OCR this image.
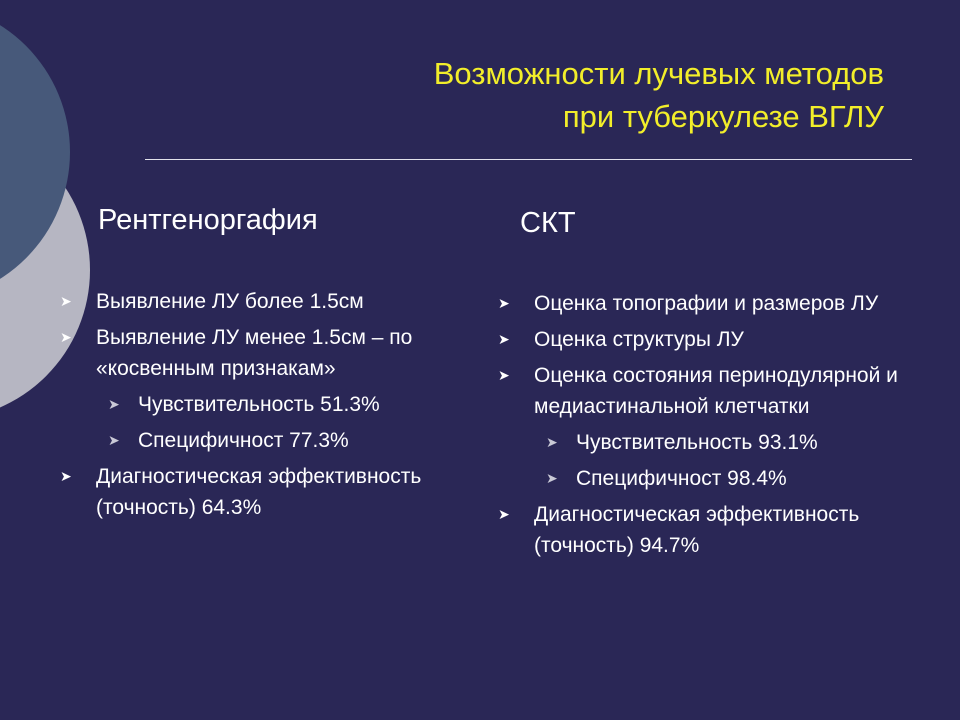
Возможности лучевых методов
при туберкулезе ВГЛУ
Рентгеноргафия	СКТ
➤ Выявление ЛУ более 1.5см
➤ Выявление ЛУ менее 1.5см – по «косвенным признакам»
➤ Чувствительность 51.3%
➤ Специфичност 77.3%
➤ Диагностическая эффективность (точность) 64.3%
➤ Оценка топографии и размеров ЛУ
➤ Оценка структуры ЛУ
➤ Оценка состояния перинодулярной и медиастинальной клетчатки
➤ Чувствительность 93.1%
➤ Специфичност 98.4%
➤ Диагностическая эффективность (точность) 94.7%
